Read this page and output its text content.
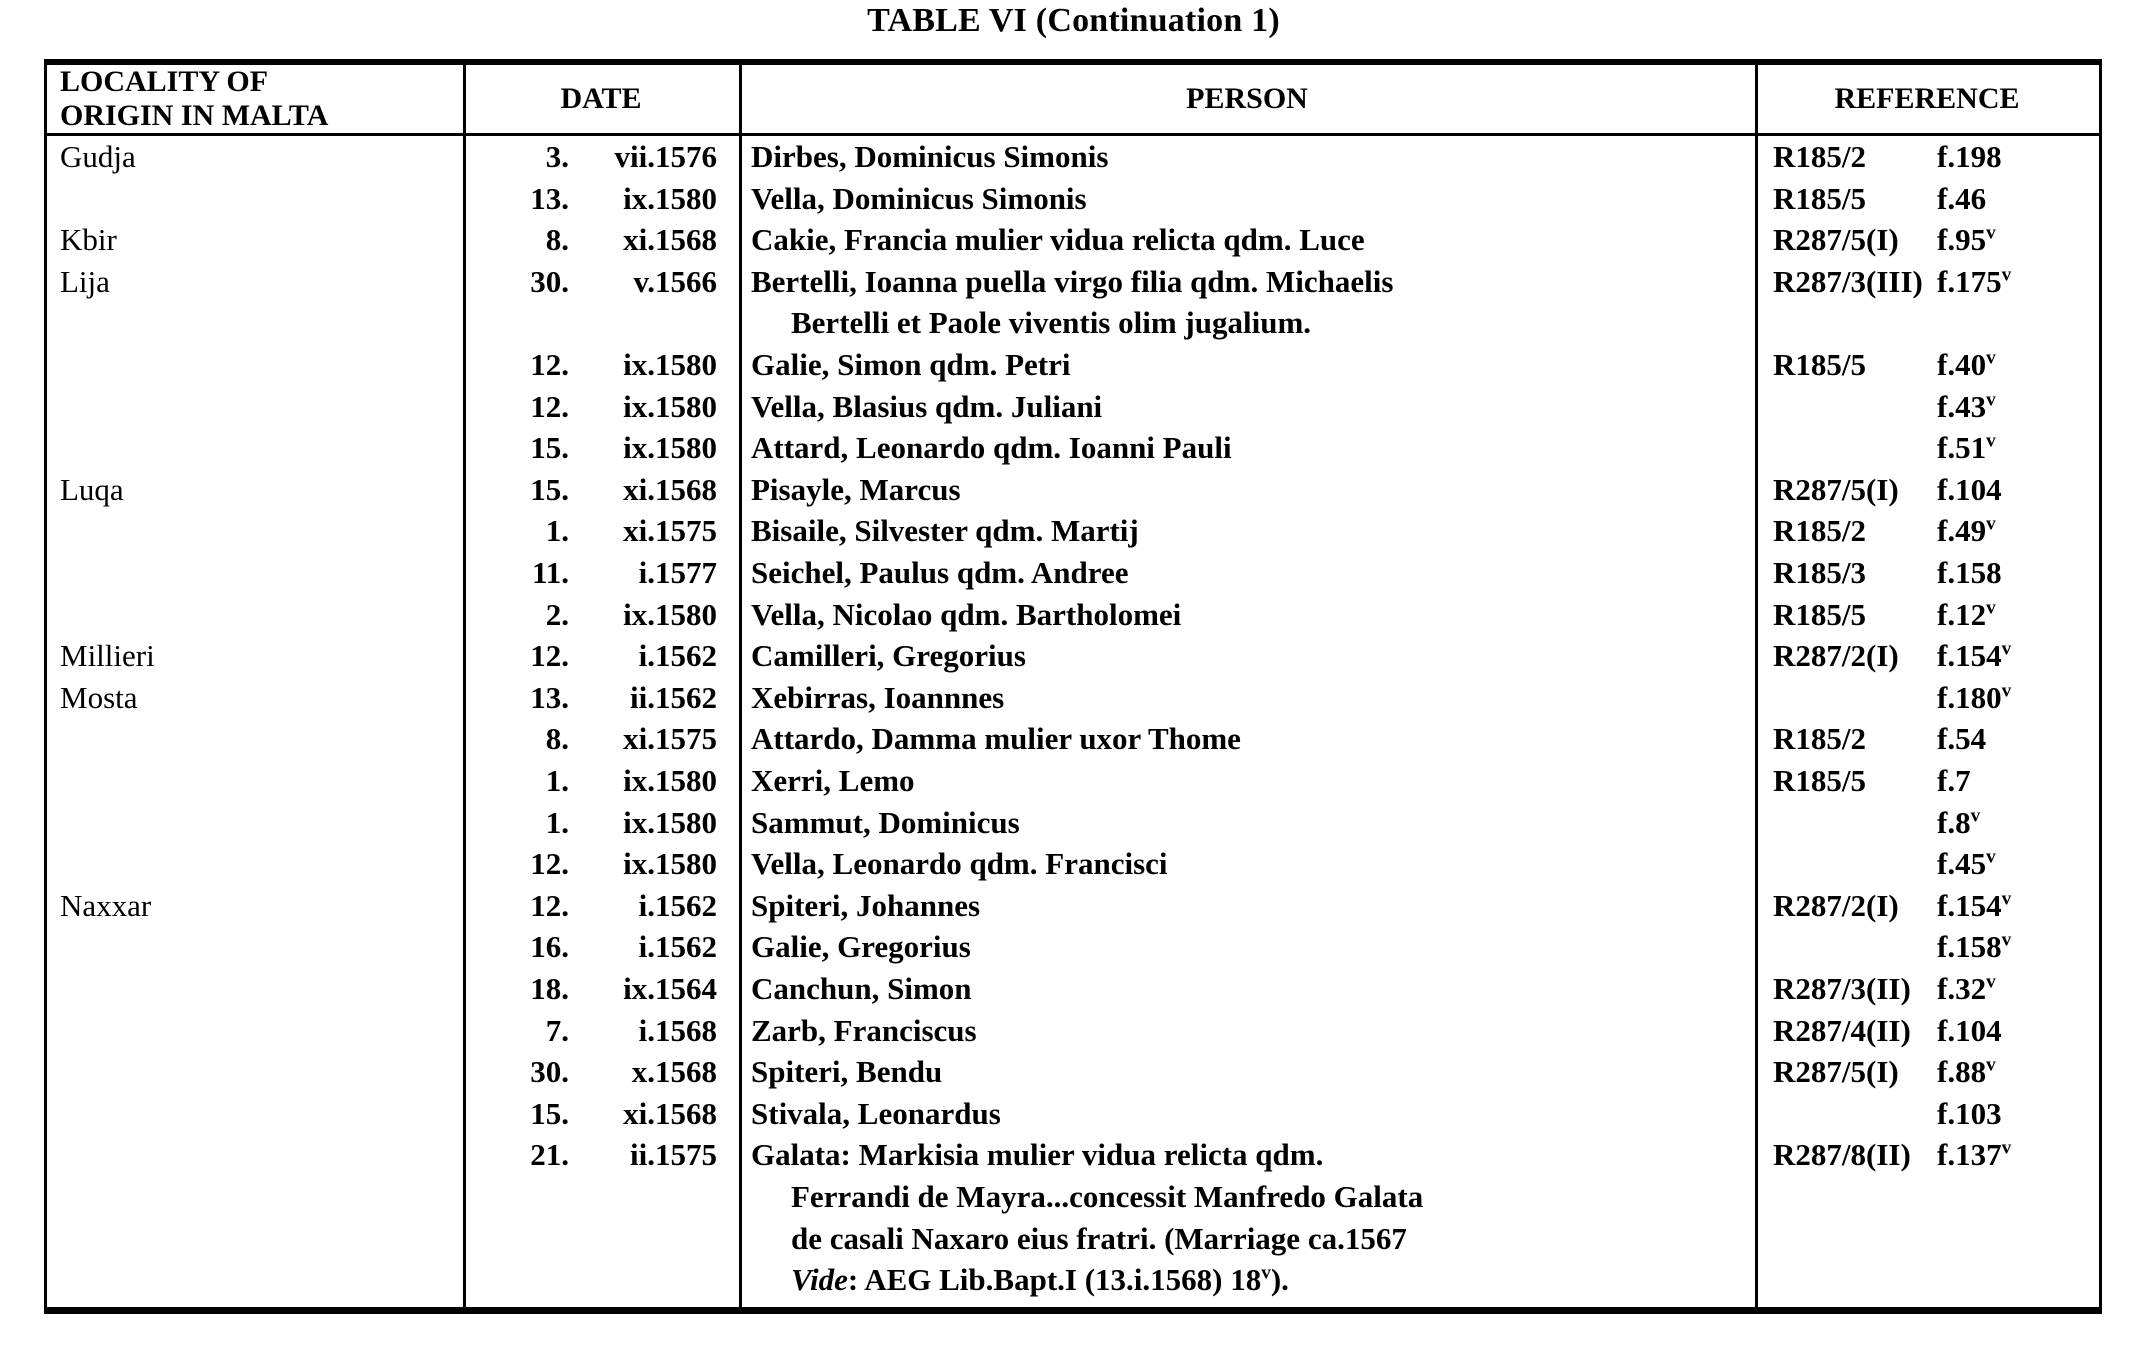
TABLE VI (Continuation 1)
LOCALITY OF
ORIGIN IN MALTA
DATE	PERSON	REFERENCE
Gudja	3.	vii.1576	Dirbes, Dominicus Simonis	R185/2 f.198
13.	ix.1580	Vella, Dominicus Simonis	R185/5 f.46
Kbir	8.	xi.1568	Cakie, Francia mulier vidua relicta qdm. Luce	R287/5(I) f.95$^v$
Lija	30.	v.1566	Bertelli, Ioanna puella virgo filia qdm. Michaelis	R287/3(III) f.175$^v$
Bertelli et Paole viventis olim jugalium.
12.	ix.1580	Galie, Simon qdm. Petri	R185/5 f.40$^v$
12.	ix.1580	Vella, Blasius qdm. Juliani	f.43$^v$
15.	ix.1580	Attard, Leonardo qdm. Ioanni Pauli	f.51$^v$
Luqa	15.	xi.1568	Pisayle, Marcus	R287/5(I) f.104
1.	xi.1575	Bisaile, Silvester qdm. Martij	R185/2 f.49$^v$
11.	i.1577	Seichel, Paulus qdm. Andree	R185/3 f.158
2.	ix.1580	Vella, Nicolao qdm. Bartholomei	R185/5 f.12$^v$
Millieri	12.	i.1562	Camilleri, Gregorius	R287/2(I) f.154$^v$
Mosta	13.	ii.1562	Xebirras, Ioannnes	f.180$^v$
8.	xi.1575	Attardo, Damma mulier uxor Thome	R185/2 f.54
1.	ix.1580	Xerri, Lemo	R185/5 f.7
1.	ix.1580	Sammut, Dominicus	f.8$^v$
12.	ix.1580	Vella, Leonardo qdm. Francisci	f.45$^v$
Naxxar	12.	i.1562	Spiteri, Johannes	R287/2(I) f.154$^v$
16.	i.1562	Galie, Gregorius	f.158$^v$
18.	ix.1564	Canchun, Simon	R287/3(II) f.32$^v$
7.	i.1568	Zarb, Franciscus	R287/4(II) f.104
30.	x.1568	Spiteri, Bendu	R287/5(I) f.88$^v$
15.	xi.1568	Stivala, Leonardus	f.103
21.	ii.1575	Galata: Markisia mulier vidua relicta qdm.	R287/8(II) f.137$^v$
Ferrandi de Mayra...concessit Manfredo Galata
de casali Naxaro eius fratri. (Marriage ca.1567
Vide: AEG Lib.Bapt.I (13.i.1568) 18$^v$).
